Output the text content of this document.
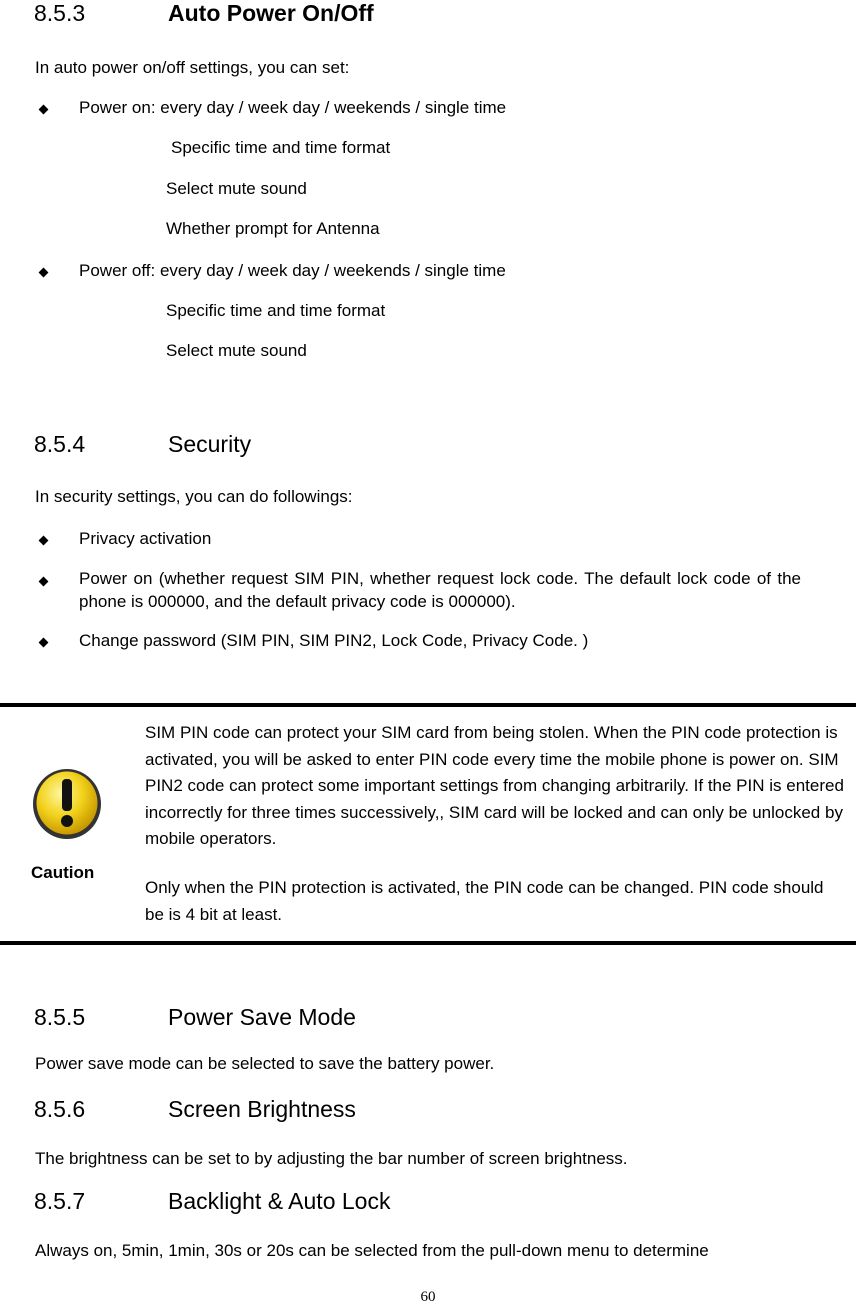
8.5.3	Auto Power On/Off
In auto power on/off settings, you can set:
Power on: every day / week day / weekends / single time
Specific time and time format
Select mute sound
Whether prompt for Antenna
Power off: every day / week day / weekends / single time
Specific time and time format
Select mute sound
8.5.4	Security
In security settings, you can do followings:
Privacy activation
Power on (whether request SIM PIN, whether request lock code. The default lock code of the phone is 000000, and the default privacy code is 000000).
Change password (SIM PIN, SIM PIN2, Lock Code, Privacy Code. )
Caution
SIM PIN code can protect your SIM card from being stolen. When the PIN code protection is activated, you will be asked to enter PIN code every time the mobile phone is power on. SIM PIN2 code can protect some important settings from changing arbitrarily. If the PIN is entered incorrectly for three times successively,, SIM card will be locked and can only be unlocked by mobile operators.
Only when the PIN protection is activated, the PIN code can be changed. PIN code should be is 4 bit at least.
8.5.5	Power Save Mode
Power save mode can be selected to save the battery power.
8.5.6	Screen Brightness
The brightness can be set to by adjusting the bar number of screen brightness.
8.5.7	Backlight & Auto Lock
Always on, 5min, 1min, 30s or 20s can be selected from the pull-down menu to determine
60
